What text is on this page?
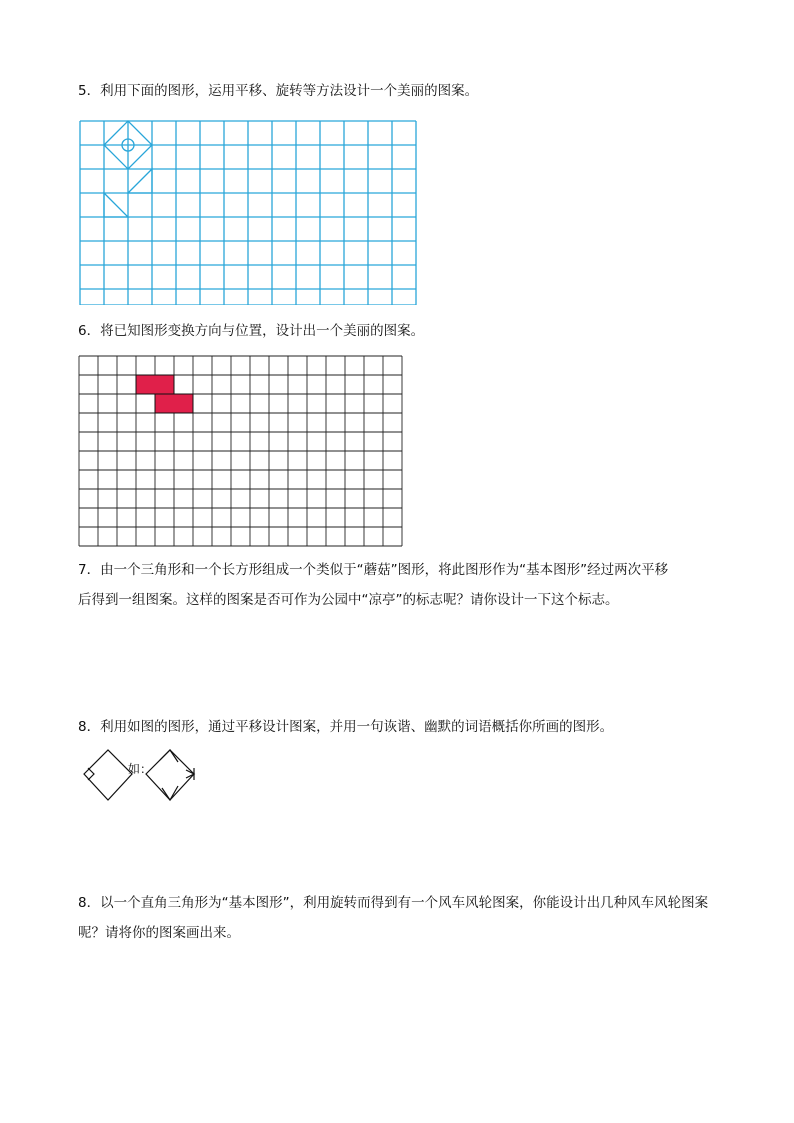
5．利用下面的图形，运用平移、旋转等方法设计一个美丽的图案。

6．将已知图形变换方向与位置，设计出一个美丽的图案。

7．由一个三角形和一个长方形组成一个类似于“蘑菇”图形，将此图形作为“基本图形”经过两次平移
后得到一组图案。这样的图案是否可作为公园中“凉亭”的标志呢？请你设计一下这个标志。

8．利用如图的图形，通过平移设计图案，并用一句诙谐、幽默的词语概括你所画的图形。

如：

8．以一个直角三角形为“基本图形”，利用旋转而得到有一个风车风轮图案，你能设计出几种风车风轮图案
呢？请将你的图案画出来。
